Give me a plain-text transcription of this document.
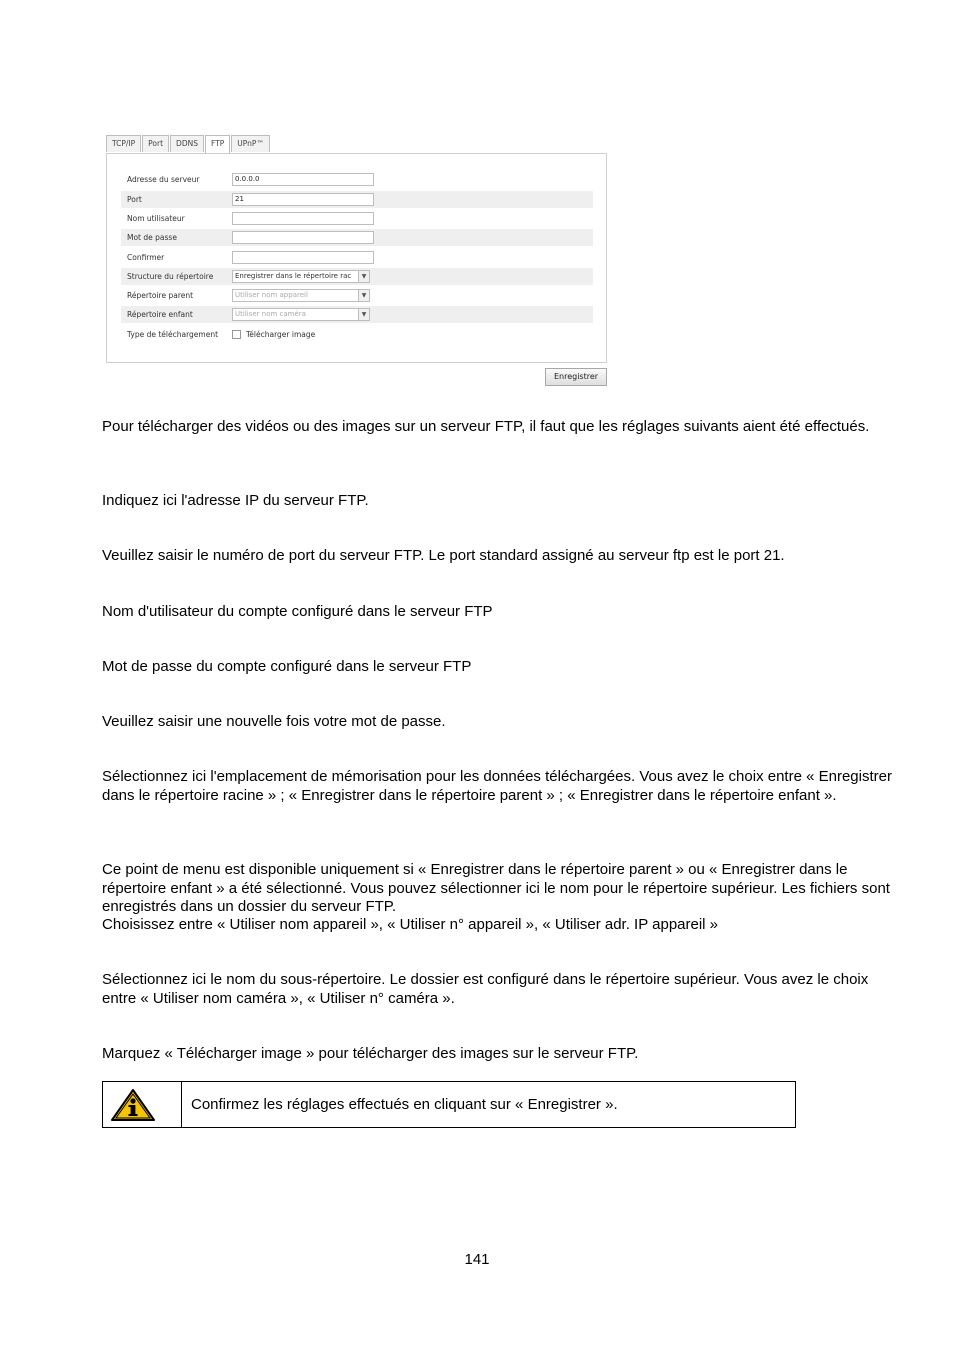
TCP/IP	Port	DDNS	FTP	UPnP™
Adresse du serveur	0.0.0.0
Port	21
Nom utilisateur
Mot de passe
Confirmer
Structure du répertoire	Enregistrer dans le répertoire rac	▼
Répertoire parent	Utiliser nom appareil	▼
Répertoire enfant	Utiliser nom caméra	▼
Type de téléchargement	Télécharger image
Enregistrer

Pour télécharger des vidéos ou des images sur un serveur FTP, il faut que les réglages suivants aient été effectués.

Indiquez ici l'adresse IP du serveur FTP.

Veuillez saisir le numéro de port du serveur FTP. Le port standard assigné au serveur ftp est le port 21.

Nom d'utilisateur du compte configuré dans le serveur FTP

Mot de passe du compte configuré dans le serveur FTP

Veuillez saisir une nouvelle fois votre mot de passe.

Sélectionnez ici l'emplacement de mémorisation pour les données téléchargées. Vous avez le choix entre « Enregistrer dans le répertoire racine » ; « Enregistrer dans le répertoire parent » ; « Enregistrer dans le répertoire enfant ».

Ce point de menu est disponible uniquement si « Enregistrer dans le répertoire parent » ou « Enregistrer dans le répertoire enfant » a été sélectionné. Vous pouvez sélectionner ici le nom pour le répertoire supérieur. Les fichiers sont enregistrés dans un dossier du serveur FTP.

Choisissez entre « Utiliser nom appareil », « Utiliser n° appareil », « Utiliser adr. IP appareil »

Sélectionnez ici le nom du sous-répertoire. Le dossier est configuré dans le répertoire supérieur. Vous avez le choix entre « Utiliser nom caméra », « Utiliser n° caméra ».

Marquez « Télécharger image » pour télécharger des images sur le serveur FTP.

Confirmez les réglages effectués en cliquant sur « Enregistrer ».
141
